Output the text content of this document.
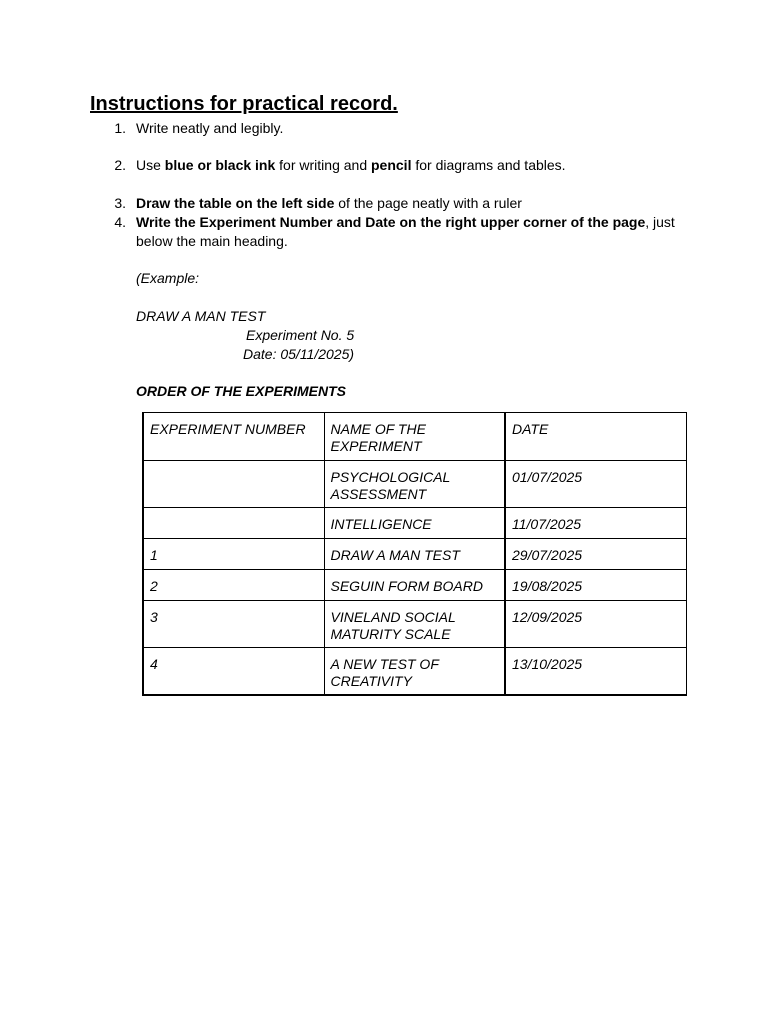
Instructions for practical record.
1. Write neatly and legibly.
2. Use blue or black ink for writing and pencil for diagrams and tables.
3. Draw the table on the left side of the page neatly with a ruler
4. Write the Experiment Number and Date on the right upper corner of the page, just below the main heading.
(Example:
DRAW A MAN TEST
Experiment No. 5
Date: 05/11/2025)
ORDER OF THE EXPERIMENTS
EXPERIMENT NUMBER	NAME OF THE EXPERIMENT	DATE
	PSYCHOLOGICAL ASSESSMENT	01/07/2025
	INTELLIGENCE	11/07/2025
1	DRAW A MAN TEST	29/07/2025
2	SEGUIN FORM BOARD	19/08/2025
3	VINELAND SOCIAL MATURITY SCALE	12/09/2025
4	A NEW TEST OF CREATIVITY	13/10/2025
